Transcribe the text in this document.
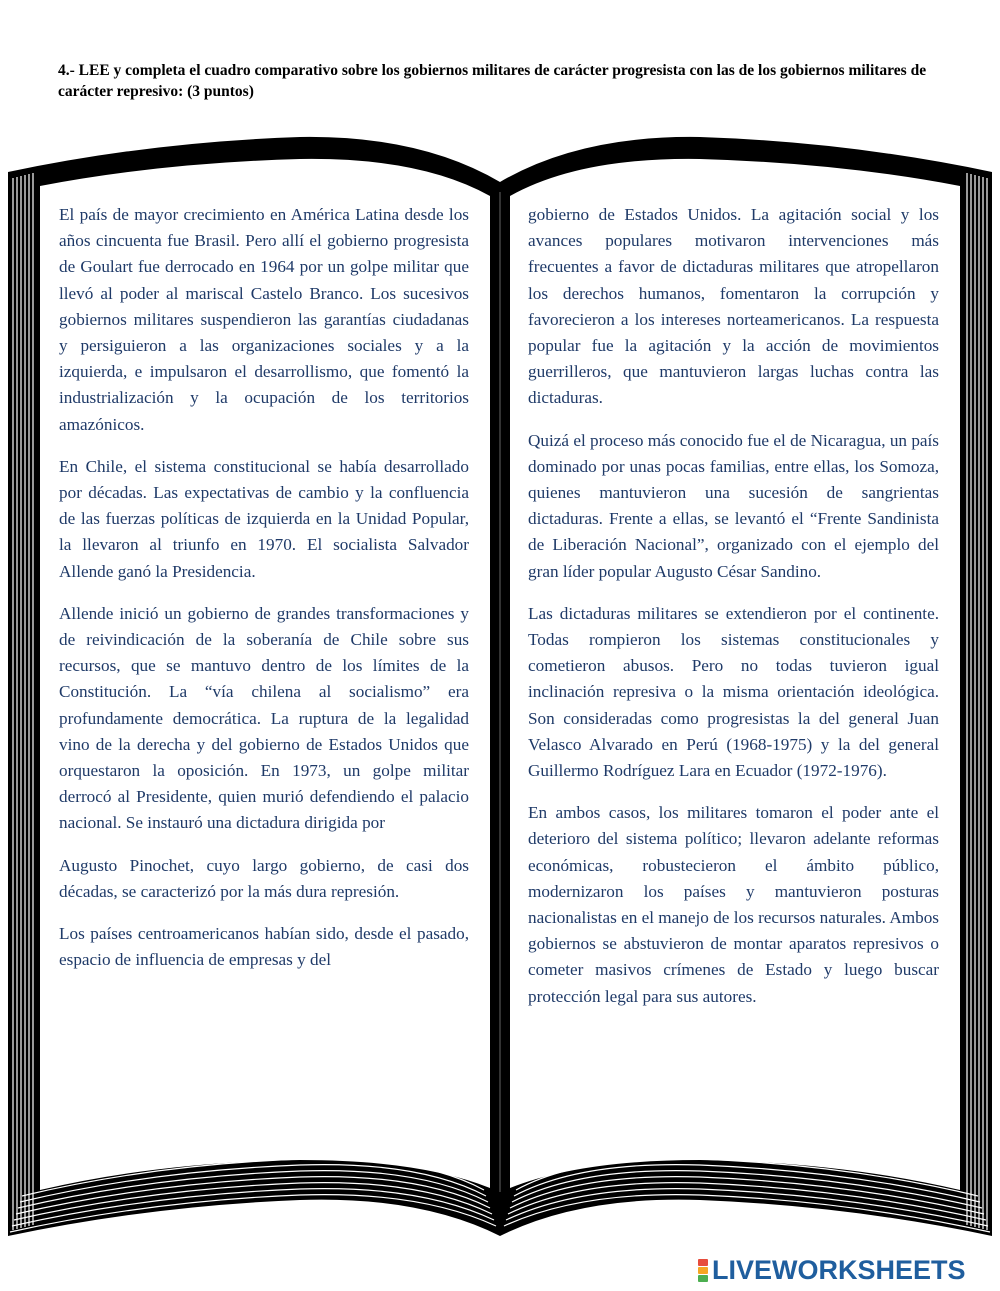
4.- LEE y completa el cuadro comparativo sobre los gobiernos militares de carácter progresista con las de los gobiernos militares de carácter represivo: (3 puntos)

El país de mayor crecimiento en América Latina desde los años cincuenta fue Brasil. Pero allí el gobierno progresista de Goulart fue derrocado en 1964 por un golpe militar que llevó al poder al mariscal Castelo Branco. Los sucesivos gobiernos militares suspendieron las garantías ciudadanas y persiguieron a las organizaciones sociales y a la izquierda, e impulsaron el desarrollismo, que fomentó la industrialización y la ocupación de los territorios amazónicos.

En Chile, el sistema constitucional se había desarrollado por décadas. Las expectativas de cambio y la confluencia de las fuerzas políticas de izquierda en la Unidad Popular, la llevaron al triunfo en 1970. El socialista Salvador Allende ganó la Presidencia.

Allende inició un gobierno de grandes transformaciones y de reivindicación de la soberanía de Chile sobre sus recursos, que se mantuvo dentro de los límites de la Constitución. La “vía chilena al socialismo” era profundamente democrática. La ruptura de la legalidad vino de la derecha y del gobierno de Estados Unidos que orquestaron la oposición. En 1973, un golpe militar derrocó al Presidente, quien murió defendiendo el palacio nacional. Se instauró una dictadura dirigida por

Augusto Pinochet, cuyo largo gobierno, de casi dos décadas, se caracterizó por la más dura represión.

Los países centroamericanos habían sido, desde el pasado, espacio de influencia de empresas y del

gobierno de Estados Unidos. La agitación social y los avances populares motivaron intervenciones más frecuentes a favor de dictaduras militares que atropellaron los derechos humanos, fomentaron la corrupción y favorecieron a los intereses norteamericanos. La respuesta popular fue la agitación y la acción de movimientos guerrilleros, que mantuvieron largas luchas contra las dictaduras.

Quizá el proceso más conocido fue el de Nicaragua, un país dominado por unas pocas familias, entre ellas, los Somoza, quienes mantuvieron una sucesión de sangrientas dictaduras. Frente a ellas, se levantó el “Frente Sandinista de Liberación Nacional”, organizado con el ejemplo del gran líder popular Augusto César Sandino.

Las dictaduras militares se extendieron por el continente. Todas rompieron los sistemas constitucionales y cometieron abusos. Pero no todas tuvieron igual inclinación represiva o la misma orientación ideológica. Son consideradas como progresistas la del general Juan Velasco Alvarado en Perú (1968-1975) y la del general Guillermo Rodríguez Lara en Ecuador (1972-1976).

En ambos casos, los militares tomaron el poder ante el deterioro del sistema político; llevaron adelante reformas económicas, robustecieron el ámbito público, modernizaron los países y mantuvieron posturas nacionalistas en el manejo de los recursos naturales. Ambos gobiernos se abstuvieron de montar aparatos represivos o cometer masivos crímenes de Estado y luego buscar protección legal para sus autores.

LIVEWORKSHEETS
